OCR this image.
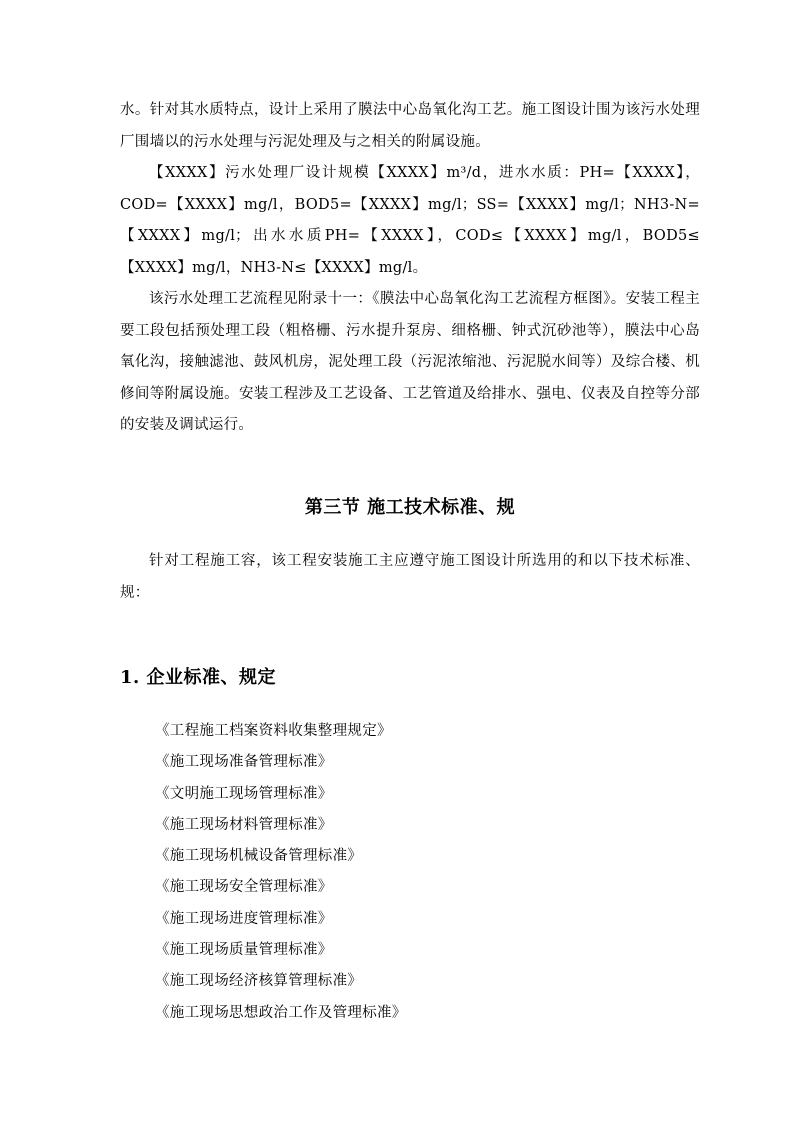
水。针对其水质特点，设计上采用了膜法中心岛氧化沟工艺。施工图设计围为该污水处理厂围墙以的污水处理与污泥处理及与之相关的附属设施。

【XXXX】污水处理厂设计规模【XXXX】m³/d，进水水质：PH=【XXXX】，COD=【XXXX】mg/l，BOD5=【XXXX】mg/l；SS=【XXXX】mg/l；NH3-N=【XXXX】mg/l；出水水质PH=【XXXX】，COD≤【XXXX】mg/l，BOD5≤【XXXX】mg/l，NH3-N≤【XXXX】mg/l。

该污水处理工艺流程见附录十一：《膜法中心岛氧化沟工艺流程方框图》。安装工程主要工段包括预处理工段（粗格栅、污水提升泵房、细格栅、钟式沉砂池等），膜法中心岛氧化沟，接触滤池、鼓风机房，泥处理工段（污泥浓缩池、污泥脱水间等）及综合楼、机修间等附属设施。安装工程涉及工艺设备、工艺管道及给排水、强电、仪表及自控等分部的安装及调试运行。

第三节 施工技术标准、规

针对工程施工容，该工程安装施工主应遵守施工图设计所选用的和以下技术标准、规：

1. 企业标准、规定
《工程施工档案资料收集整理规定》
《施工现场准备管理标准》
《文明施工现场管理标准》
《施工现场材料管理标准》
《施工现场机械设备管理标准》
《施工现场安全管理标准》
《施工现场进度管理标准》
《施工现场质量管理标准》
《施工现场经济核算管理标准》
《施工现场思想政治工作及管理标准》
